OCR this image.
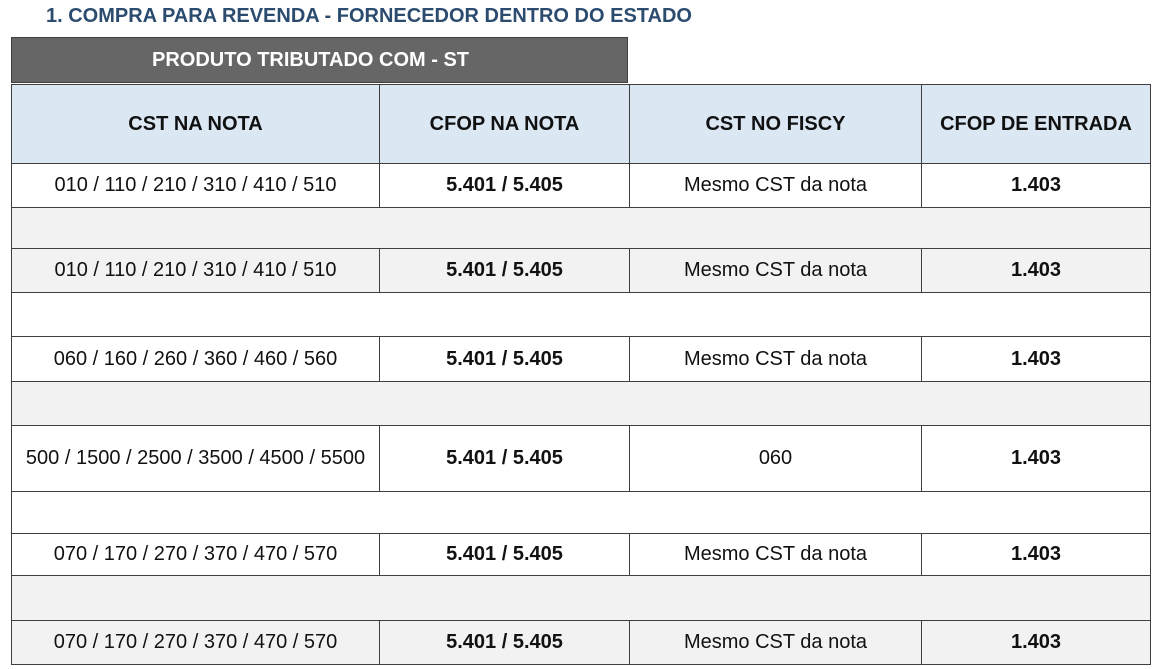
1. COMPRA PARA REVENDA - FORNECEDOR DENTRO DO ESTADO
PRODUTO TRIBUTADO COM - ST
CST NA NOTA	CFOP NA NOTA	CST NO FISCY	CFOP DE ENTRADA
010 / 110 / 210 / 310 / 410 / 510	5.401 / 5.405	Mesmo CST da nota	1.403

010 / 110 / 210 / 310 / 410 / 510	5.401 / 5.405	Mesmo CST da nota	1.403

060 / 160 / 260 / 360 / 460 / 560	5.401 / 5.405	Mesmo CST da nota	1.403

500 / 1500 / 2500 / 3500 / 4500 / 5500	5.401 / 5.405	060	1.403

070 / 170 / 270 / 370 / 470 / 570	5.401 / 5.405	Mesmo CST da nota	1.403

070 / 170 / 270 / 370 / 470 / 570	5.401 / 5.405	Mesmo CST da nota	1.403
